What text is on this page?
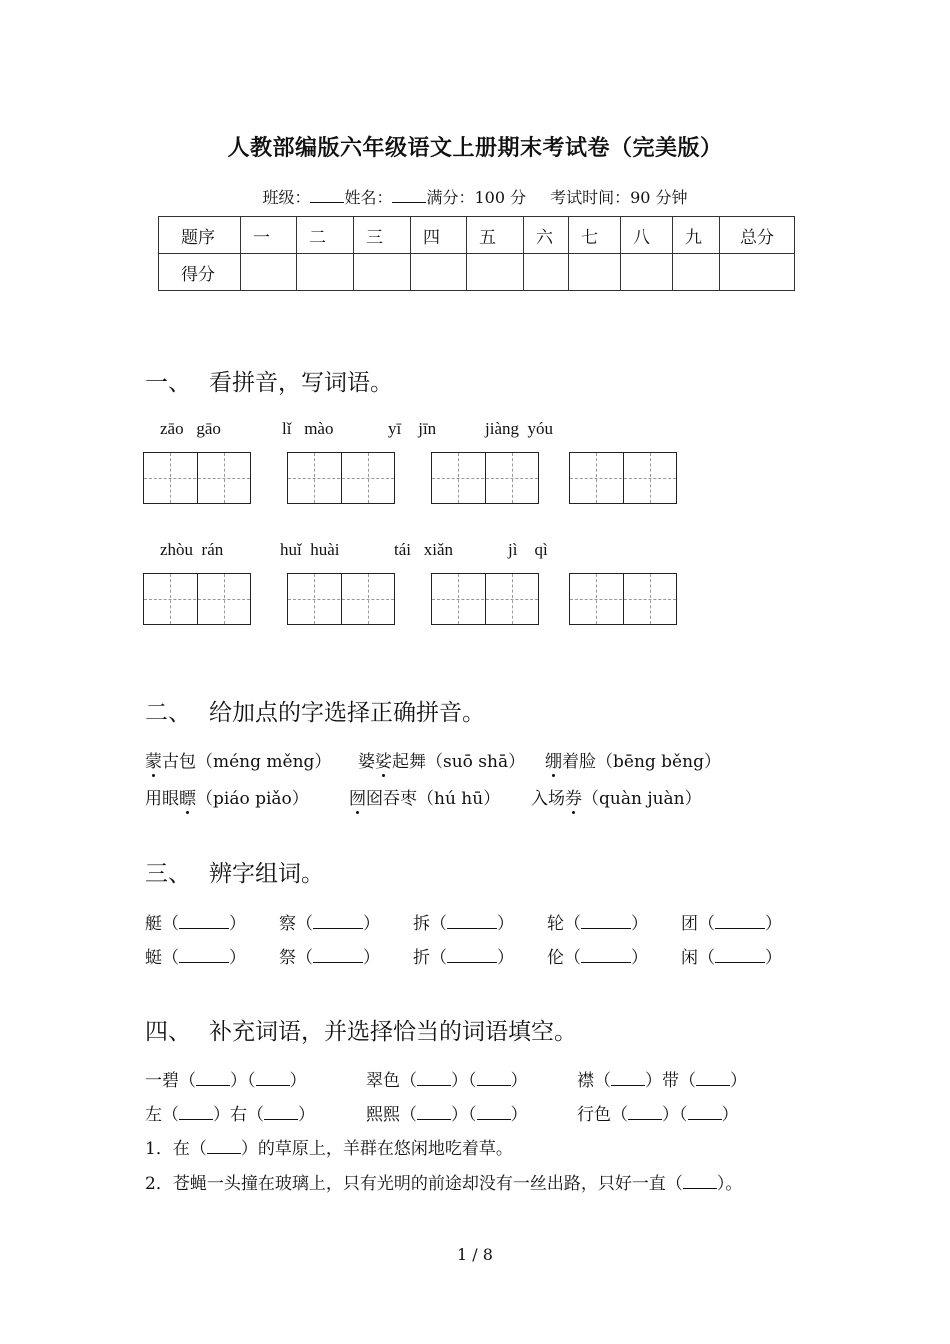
人教部编版六年级语文上册期末考试卷（完美版）
班级： 姓名： 满分：100 分 考试时间：90 分钟
题序	一	二	三	四	五	六	七	八	九	总分
得分										
一、 看拼音，写词语。
zāo gāo	lǐ mào	yī jīn	jiàng yóu
zhòu rán	huǐ huài	tái xiǎn	jì qì
二、 给加点的字选择正确拼音。
蒙古包（méng měng） 婆娑起舞（suō shā） 绷着脸（bēng běng）
用眼瞟（piáo piǎo） 囫囵吞枣（hú hū） 入场券（quàn juàn）
三、 辨字组词。
艇（	） 察（	） 拆（	） 轮（	） 团（	）
蜓（	） 祭（	） 折（	） 伦（	） 闲（	）
四、 补充词语，并选择恰当的词语填空。
一碧（ ）（ ）	翠色（ ）（ ）	襟（ ）带（ ）
左（ ）右（ ）	熙熙（ ）（ ）	行色（ ）（ ）
1．在（ ）的草原上，羊群在悠闲地吃着草。
2．苍蝇一头撞在玻璃上，只有光明的前途却没有一丝出路，只好一直（ ）。
1 / 8
